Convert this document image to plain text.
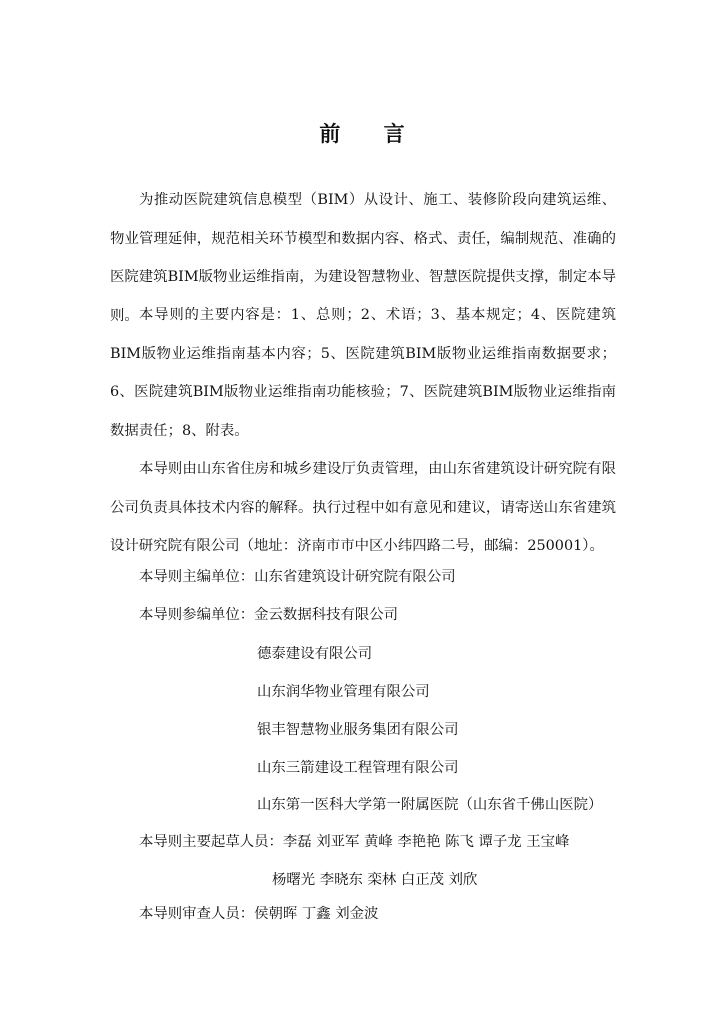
前 言

为推动医院建筑信息模型（BIM）从设计、施工、装修阶段向建筑运维、物业管理延伸，规范相关环节模型和数据内容、格式、责任，编制规范、准确的医院建筑BIM版物业运维指南，为建设智慧物业、智慧医院提供支撑，制定本导则。 本导则的主要内容是：1、总则；2、术语；3、基本规定；4、医院建筑BIM版物业运维指南基本内容；5、医院建筑BIM版物业运维指南数据要求；6、医院建筑BIM版物业运维指南功能核验；7、医院建筑BIM版物业运维指南数据责任；8、附表。

本导则由山东省住房和城乡建设厅负责管理，由山东省建筑设计研究院有限公司负责具体技术内容的解释。执行过程中如有意见和建议，请寄送山东省建筑设计研究院有限公司（地址：济南市市中区小纬四路二号，邮编：250001）。

本导则主编单位：山东省建筑设计研究院有限公司
本导则参编单位：金云数据科技有限公司
德泰建设有限公司
山东润华物业管理有限公司
银丰智慧物业服务集团有限公司
山东三箭建设工程管理有限公司
山东第一医科大学第一附属医院（山东省千佛山医院）
本导则主要起草人员：李磊 刘亚军 黄峰 李艳艳 陈飞 谭子龙 王宝峰
杨曙光 李晓东 栾林 白正茂 刘欣
本导则审查人员：侯朝晖 丁鑫 刘金波
